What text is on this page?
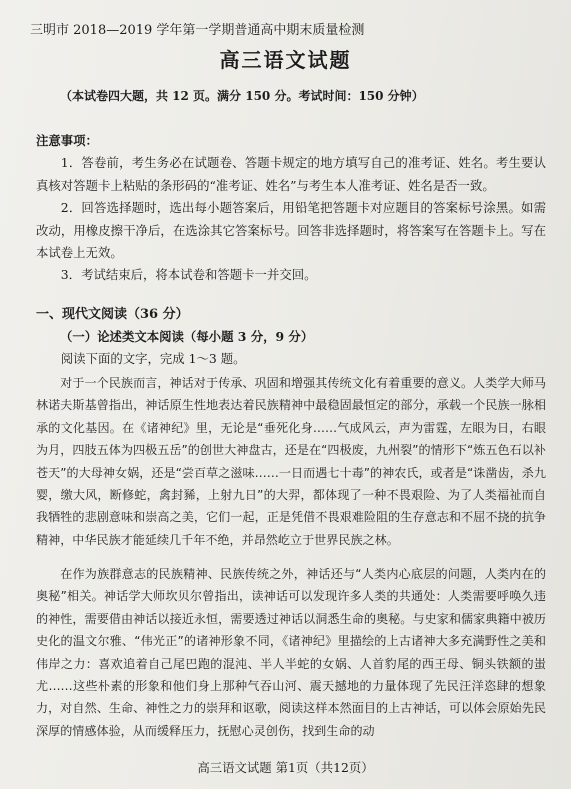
三明市 2018—2019 学年第一学期普通高中期末质量检测
高三语文试题
（本试卷四大题，共 12 页。满分 150 分。考试时间：150 分钟）
注意事项：
1．答卷前，考生务必在试题卷、答题卡规定的地方填写自己的准考证、姓名。考生要认真核对答题卡上粘贴的条形码的“准考证、姓名”与考生本人准考证、姓名是否一致。
2．回答选择题时，选出每小题答案后，用铅笔把答题卡对应题目的答案标号涂黑。如需改动，用橡皮擦干净后，在选涂其它答案标号。回答非选择题时，将答案写在答题卡上。写在本试卷上无效。
3．考试结束后，将本试卷和答题卡一并交回。
一、现代文阅读（36 分）
（一）论述类文本阅读（每小题 3 分，9 分）
阅读下面的文字，完成 1～3 题。
对于一个民族而言，神话对于传承、巩固和增强其传统文化有着重要的意义。人类学大师马林诺夫斯基曾指出，神话原生性地表达着民族精神中最稳固最恒定的部分，承载一个民族一脉相承的文化基因。在《诸神纪》里，无论是“垂死化身……气成风云，声为雷霆，左眼为日，右眼为月，四肢五体为四极五岳”的创世大神盘古，还是在“四极废，九州裂”的情形下“炼五色石以补苍天”的大母神女娲，还是“尝百草之滋味……一日而遇七十毒”的神农氏，或者是“诛凿齿，杀九婴，缴大风，断修蛇，禽封豨，上射九日”的大羿，都体现了一种不畏艰险、为了人类福祉而自我牺牲的悲剧意味和崇高之美，它们一起，正是凭借不畏艰难险阻的生存意志和不屈不挠的抗争精神，中华民族才能延续几千年不绝，并昂然屹立于世界民族之林。
在作为族群意志的民族精神、民族传统之外，神话还与“人类内心底层的问题，人类内在的奥秘”相关。神话学大师坎贝尔曾指出，读神话可以发现许多人类的共通处：人类需要呼唤久违的神性，需要借由神话以接近永恒，需要透过神话以洞悉生命的奥秘。与史家和儒家典籍中被历史化的温文尔雅、“伟光正”的诸神形象不同，《诸神纪》里描绘的上古诸神大多充满野性之美和伟岸之力：喜欢追着自己尾巴跑的混沌、半人半蛇的女娲、人首豹尾的西王母、铜头铁额的蚩尤……这些朴素的形象和他们身上那种气吞山河、震天撼地的力量体现了先民汪洋恣肆的想象力，对自然、生命、神性之力的崇拜和讴歌，阅读这样本然面目的上古神话，可以体会原始先民深厚的情感体验，从而缓释压力，抚慰心灵创伤，找到生命的动
高三语文试题 第1页（共12页）
